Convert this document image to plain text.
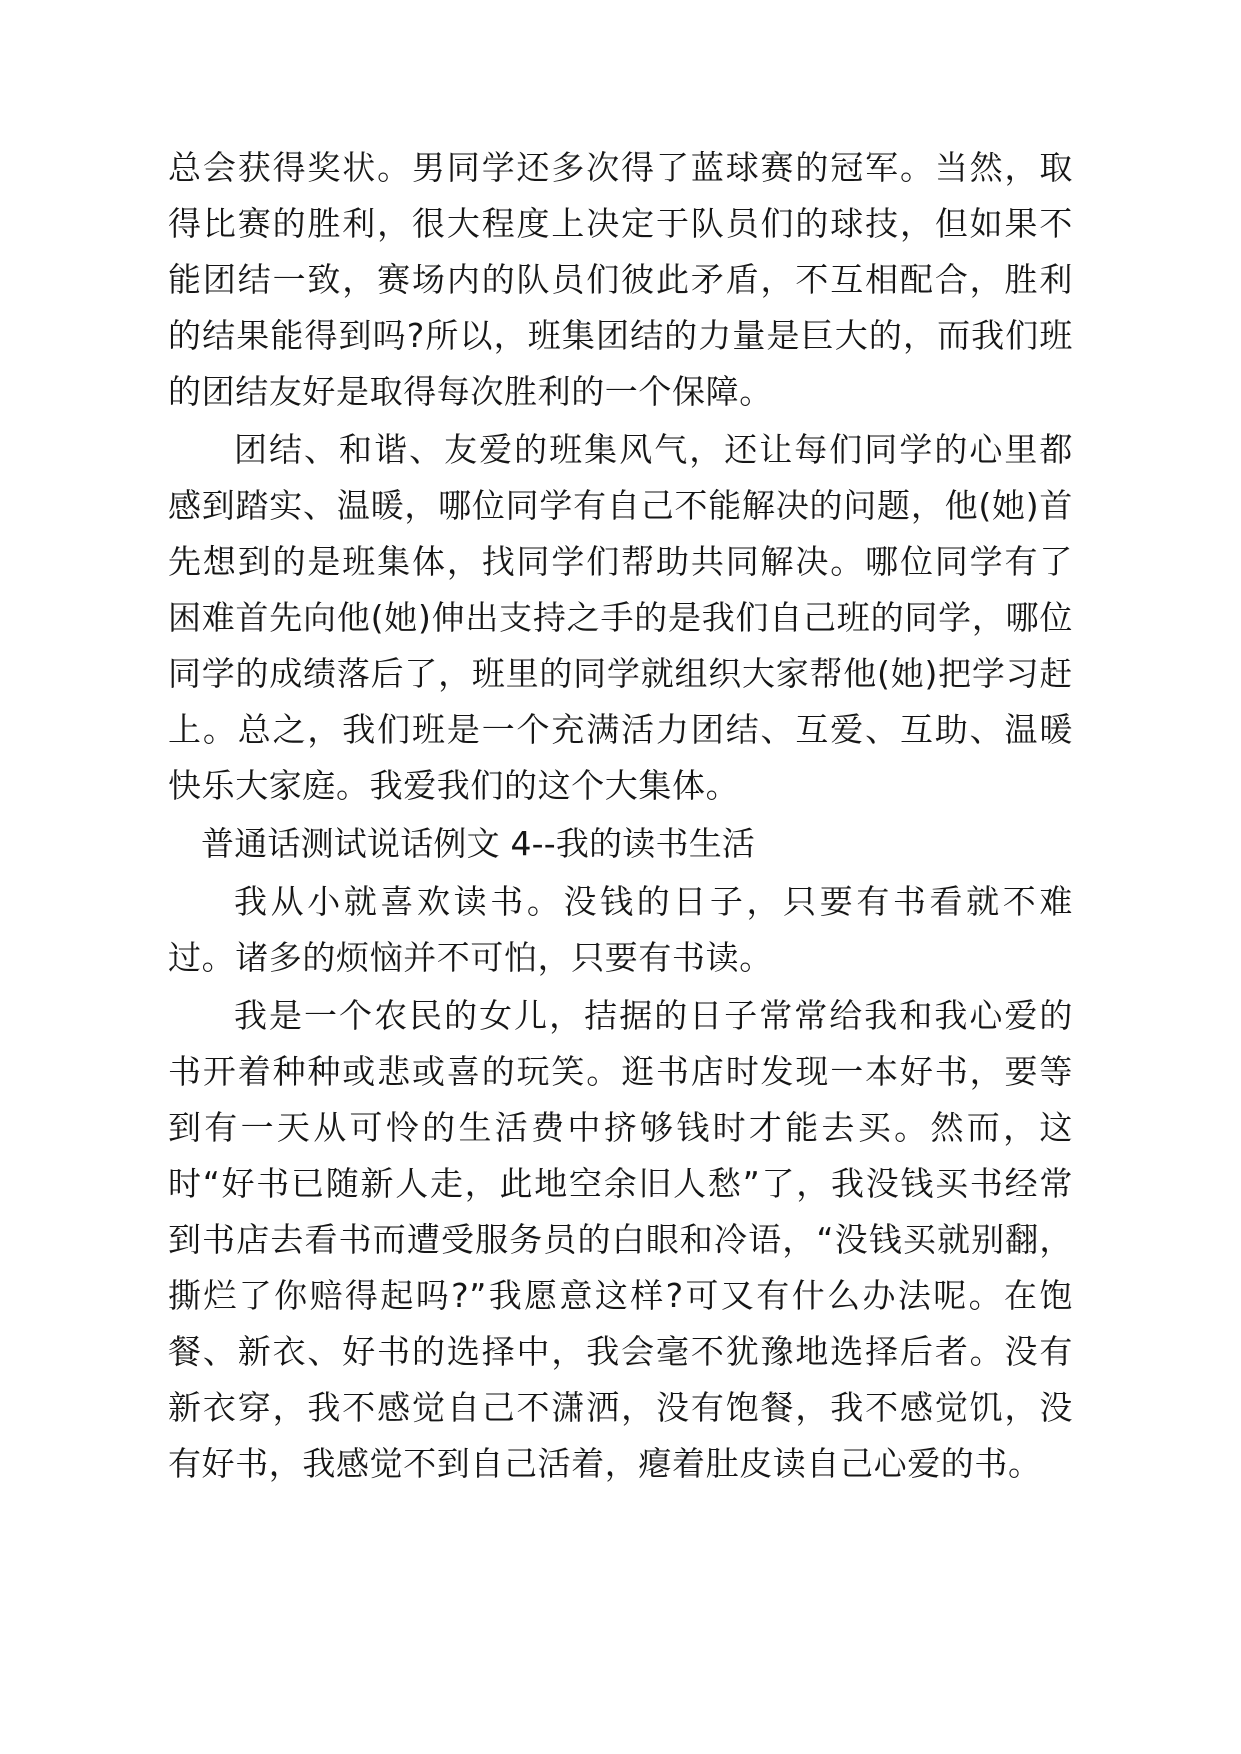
总会获得奖状。男同学还多次得了蓝球赛的冠军。当然，取得比赛的胜利，很大程度上决定于队员们的球技，但如果不能团结一致，赛场内的队员们彼此矛盾，不互相配合，胜利的结果能得到吗?所以，班集团结的力量是巨大的，而我们班的团结友好是取得每次胜利的一个保障。

团结、和谐、友爱的班集风气，还让每们同学的心里都感到踏实、温暖，哪位同学有自己不能解决的问题，他(她)首先想到的是班集体，找同学们帮助共同解决。哪位同学有了困难首先向他(她)伸出支持之手的是我们自己班的同学，哪位同学的成绩落后了，班里的同学就组织大家帮他(她)把学习赶上。总之，我们班是一个充满活力团结、互爱、互助、温暖快乐大家庭。我爱我们的这个大集体。

普通话测试说话例文 4--我的读书生活

我从小就喜欢读书。没钱的日子，只要有书看就不难过。诸多的烦恼并不可怕，只要有书读。

我是一个农民的女儿，拮据的日子常常给我和我心爱的书开着种种或悲或喜的玩笑。逛书店时发现一本好书，要等到有一天从可怜的生活费中挤够钱时才能去买。然而，这时“好书已随新人走，此地空余旧人愁”了，我没钱买书经常到书店去看书而遭受服务员的白眼和冷语，“没钱买就别翻，撕烂了你赔得起吗?”我愿意这样?可又有什么办法呢。在饱餐、新衣、好书的选择中，我会毫不犹豫地选择后者。没有新衣穿，我不感觉自己不潇洒，没有饱餐，我不感觉饥，没有好书，我感觉不到自己活着，瘪着肚皮读自己心爱的书。
